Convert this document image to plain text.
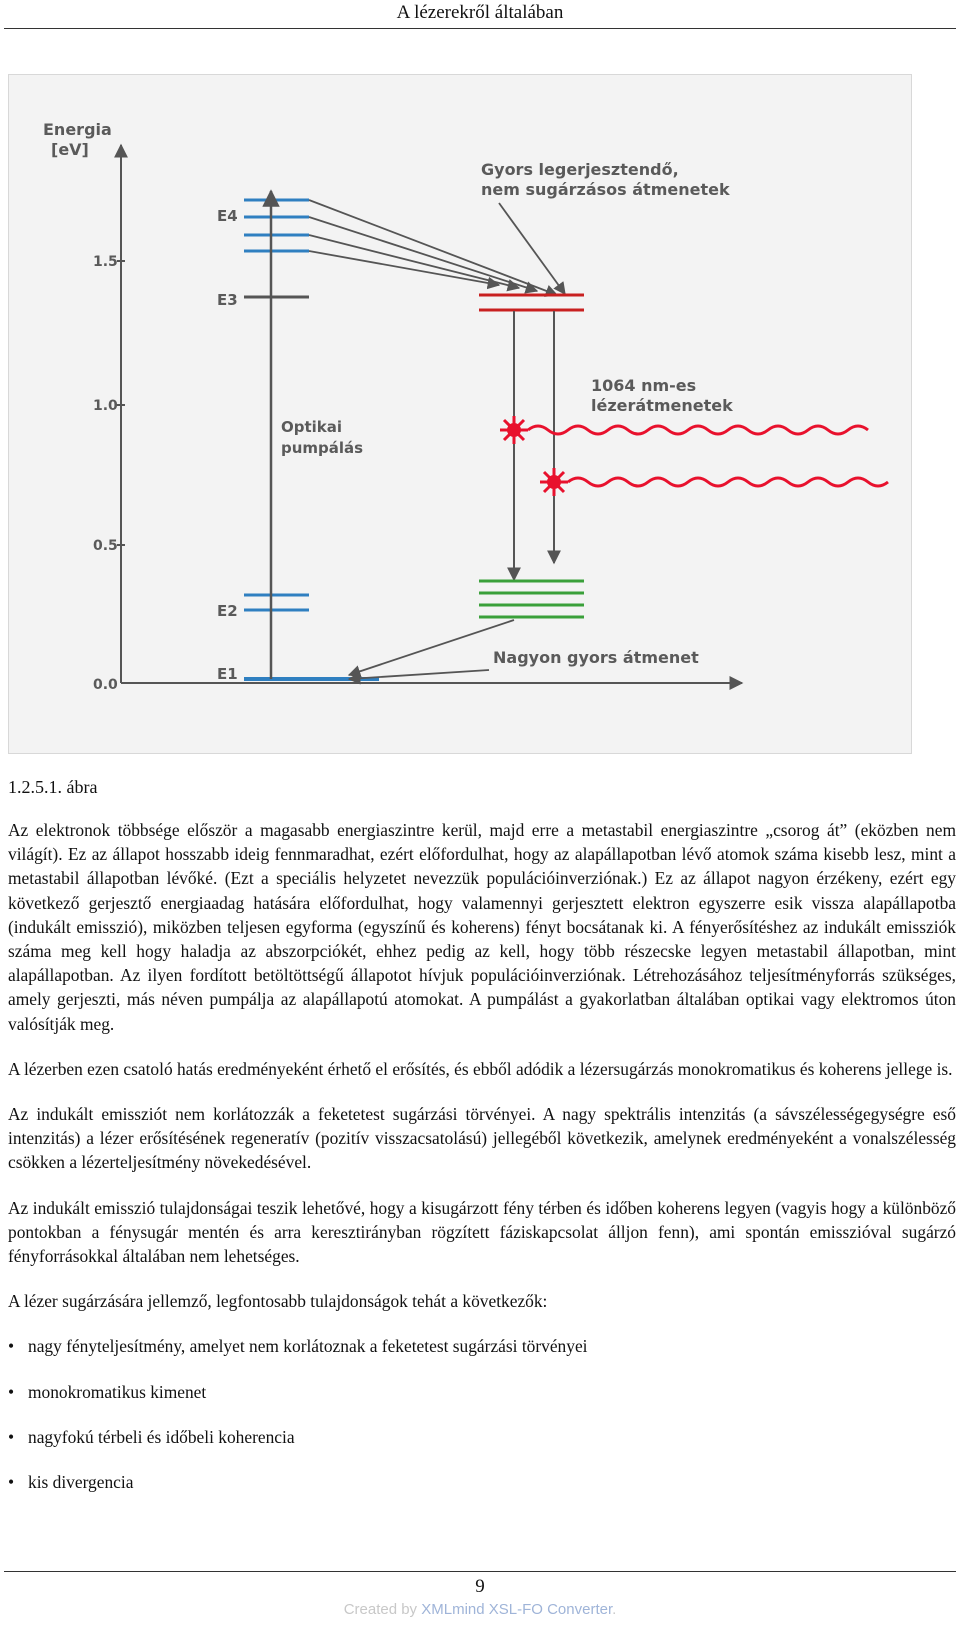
A lézerekről általában
Energia
[eV]
1.5
1.0
0.5
0.0
E4
E3
E2
E1
Optikai
pumpálás
Gyors legerjesztendő,
nem sugárzásos átmenetek
1064 nm-es
lézerátmenetek
Nagyon gyors átmenet
1.2.5.1. ábra

Az elektronok többsége először a magasabb energiaszintre kerül, majd erre a metastabil energiaszintre „csorog át” (eközben nem világít). Ez az állapot hosszabb ideig fennmaradhat, ezért előfordulhat, hogy az alapállapotban lévő atomok száma kisebb lesz, mint a metastabil állapotban lévőké. (Ezt a speciális helyzetet nevezzük populációinverziónak.) Ez az állapot nagyon érzékeny, ezért egy következő gerjesztő energiaadag hatására előfordulhat, hogy valamennyi gerjesztett elektron egyszerre esik vissza alapállapotba (indukált emisszió), miközben teljesen egyforma (egyszínű és koherens) fényt bocsátanak ki. A fényerősítéshez az indukált emissziók száma meg kell hogy haladja az abszorpciókét, ehhez pedig az kell, hogy több részecske legyen metastabil állapotban, mint alapállapotban. Az ilyen fordított betöltöttségű állapotot hívjuk populációinverziónak. Létrehozásához teljesítményforrás szükséges, amely gerjeszti, más néven pumpálja az alapállapotú atomokat. A pumpálást a gyakorlatban általában optikai vagy elektromos úton valósítják meg.

A lézerben ezen csatoló hatás eredményeként érhető el erősítés, és ebből adódik a lézersugárzás monokromatikus és koherens jellege is.

Az indukált emissziót nem korlátozzák a feketetest sugárzási törvényei. A nagy spektrális intenzitás (a sávszélességegységre eső intenzitás) a lézer erősítésének regeneratív (pozitív visszacsatolású) jellegéből következik, amelynek eredményeként a vonalszélesség csökken a lézerteljesítmény növekedésével.

Az indukált emisszió tulajdonságai teszik lehetővé, hogy a kisugárzott fény térben és időben koherens legyen (vagyis hogy a különböző pontokban a fénysugár mentén és arra keresztirányban rögzített fáziskapcsolat álljon fenn), ami spontán emisszióval sugárzó fényforrásokkal általában nem lehetséges.

A lézer sugárzására jellemző, legfontosabb tulajdonságok tehát a következők:

• nagy fényteljesítmény, amelyet nem korlátoznak a feketetest sugárzási törvényei
• monokromatikus kimenet
• nagyfokú térbeli és időbeli koherencia
• kis divergencia
9
Created by XMLmind XSL-FO Converter.
